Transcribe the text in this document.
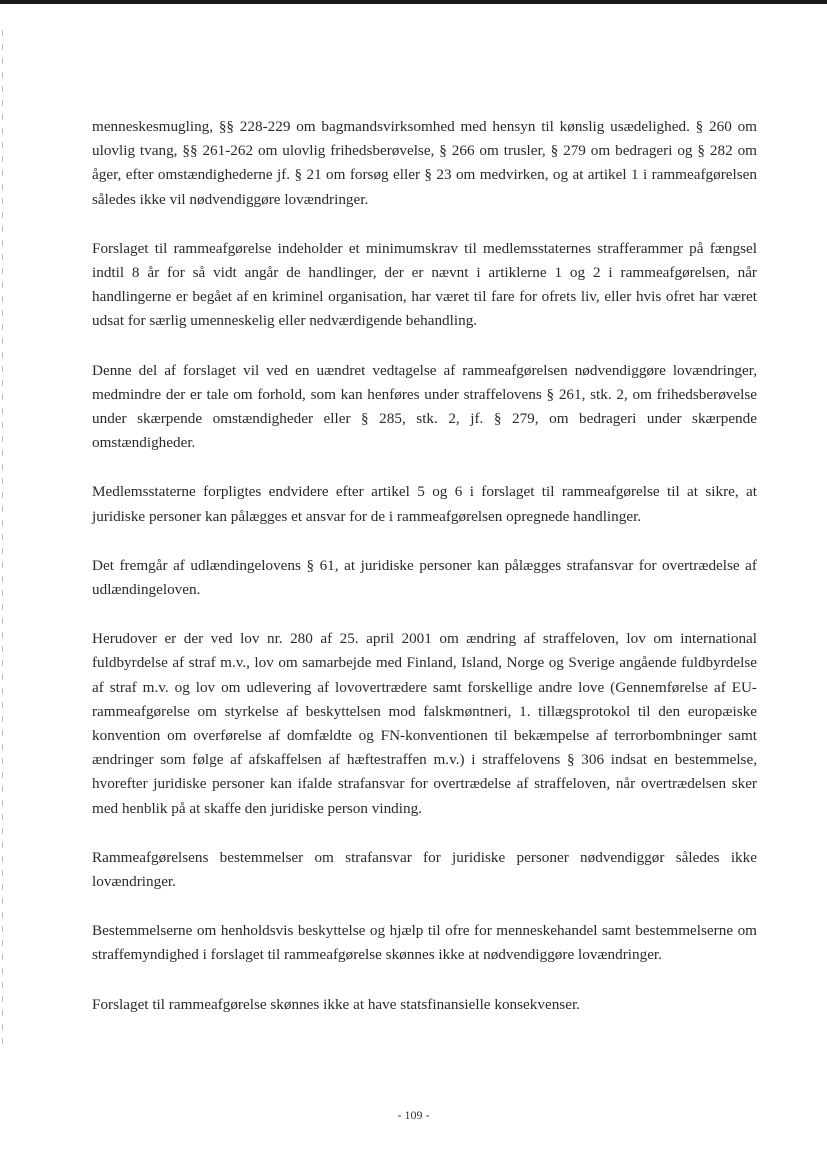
menneskesmugling, §§ 228-229 om bagmandsvirksomhed med hensyn til kønslig usædelighed. § 260 om ulovlig tvang, §§ 261-262 om ulovlig frihedsberøvelse, § 266 om trusler, § 279 om bedrageri og § 282 om åger, efter omstændighederne jf. § 21 om forsøg eller § 23 om medvirken, og at artikel 1 i rammeafgørelsen således ikke vil nødvendiggøre lovændringer.

Forslaget til rammeafgørelse indeholder et minimumskrav til medlemsstaternes strafferammer på fængsel indtil 8 år for så vidt angår de handlinger, der er nævnt i artiklerne 1 og 2 i rammeafgørelsen, når handlingerne er begået af en kriminel organisation, har været til fare for ofrets liv, eller hvis ofret har været udsat for særlig umenneskelig eller nedværdigende behandling.

Denne del af forslaget vil ved en uændret vedtagelse af rammeafgørelsen nødvendiggøre lovændringer, medmindre der er tale om forhold, som kan henføres under straffelovens § 261, stk. 2, om frihedsberøvelse under skærpende omstændigheder eller § 285, stk. 2, jf. § 279, om bedrageri under skærpende omstændigheder.

Medlemsstaterne forpligtes endvidere efter artikel 5 og 6 i forslaget til rammeafgørelse til at sikre, at juridiske personer kan pålægges et ansvar for de i rammeafgørelsen opregnede handlinger.

Det fremgår af udlændingelovens § 61, at juridiske personer kan pålægges strafansvar for overtrædelse af udlændingeloven.

Herudover er der ved lov nr. 280 af 25. april 2001 om ændring af straffeloven, lov om international fuldbyrdelse af straf m.v., lov om samarbejde med Finland, Island, Norge og Sverige angående fuldbyrdelse af straf m.v. og lov om udlevering af lovovertrædere samt forskellige andre love (Gennemførelse af EU-rammeafgørelse om styrkelse af beskyttelsen mod falskmøntneri, 1. tillægsprotokol til den europæiske konvention om overførelse af domfældte og FN-konventionen til bekæmpelse af terrorbombninger samt ændringer som følge af afskaffelsen af hæftestraffen m.v.) i straffelovens § 306 indsat en bestemmelse, hvorefter juridiske personer kan ifalde strafansvar for overtrædelse af straffeloven, når overtrædelsen sker med henblik på at skaffe den juridiske person vinding.

Rammeafgørelsens bestemmelser om strafansvar for juridiske personer nødvendiggør således ikke lovændringer.

Bestemmelserne om henholdsvis beskyttelse og hjælp til ofre for menneskehandel samt bestemmelserne om straffemyndighed i forslaget til rammeafgørelse skønnes ikke at nødvendiggøre lovændringer.

Forslaget til rammeafgørelse skønnes ikke at have statsfinansielle konsekvenser.

- 109 -
